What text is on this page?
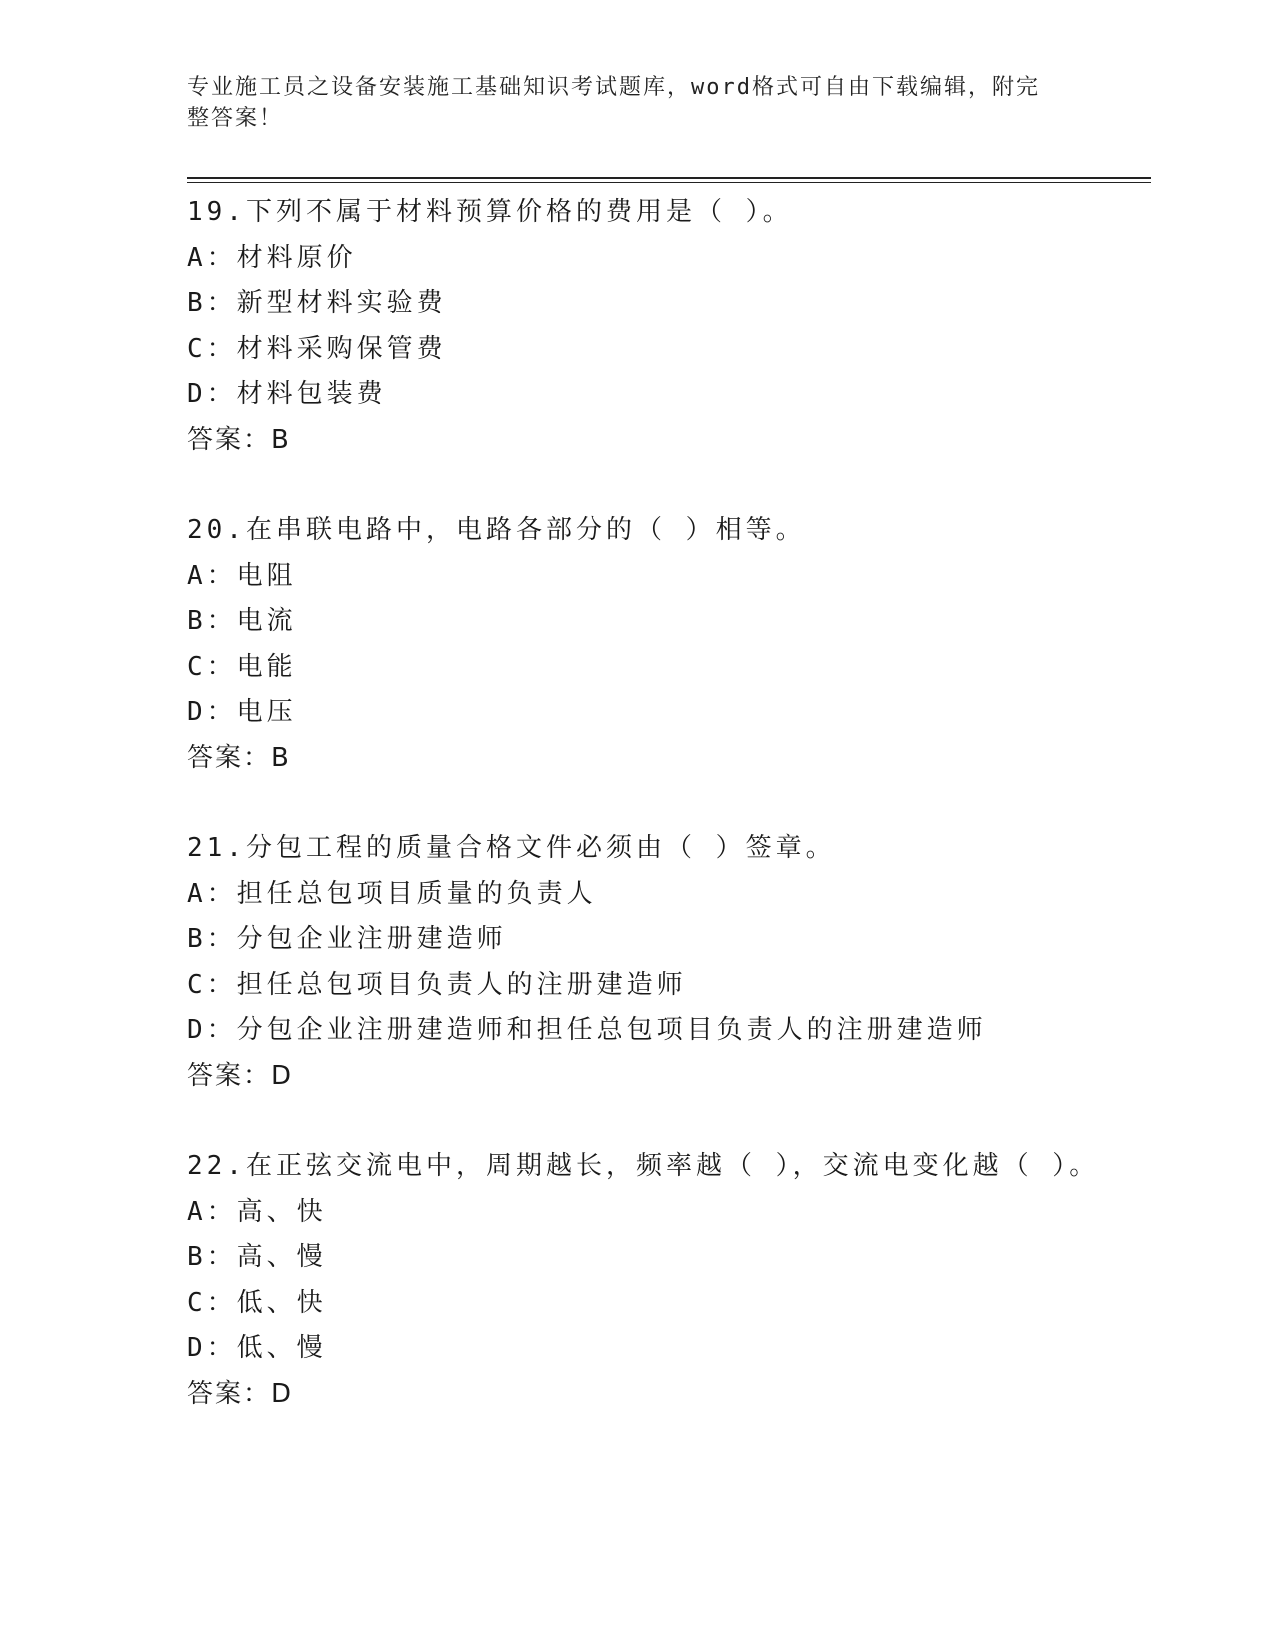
专业施工员之设备安装施工基础知识考试题库，word格式可自由下载编辑，附完
整答案！
19.下列不属于材料预算价格的费用是（ ）。
A：材料原价
B：新型材料实验费
C：材料采购保管费
D：材料包装费
答案：B
20.在串联电路中，电路各部分的（ ）相等。
A：电阻
B：电流
C：电能
D：电压
答案：B
21.分包工程的质量合格文件必须由（ ）签章。
A：担任总包项目质量的负责人
B：分包企业注册建造师
C：担任总包项目负责人的注册建造师
D：分包企业注册建造师和担任总包项目负责人的注册建造师
答案：D
22.在正弦交流电中，周期越长，频率越（ ），交流电变化越（ ）。
A：高、快
B：高、慢
C：低、快
D：低、慢
答案：D
